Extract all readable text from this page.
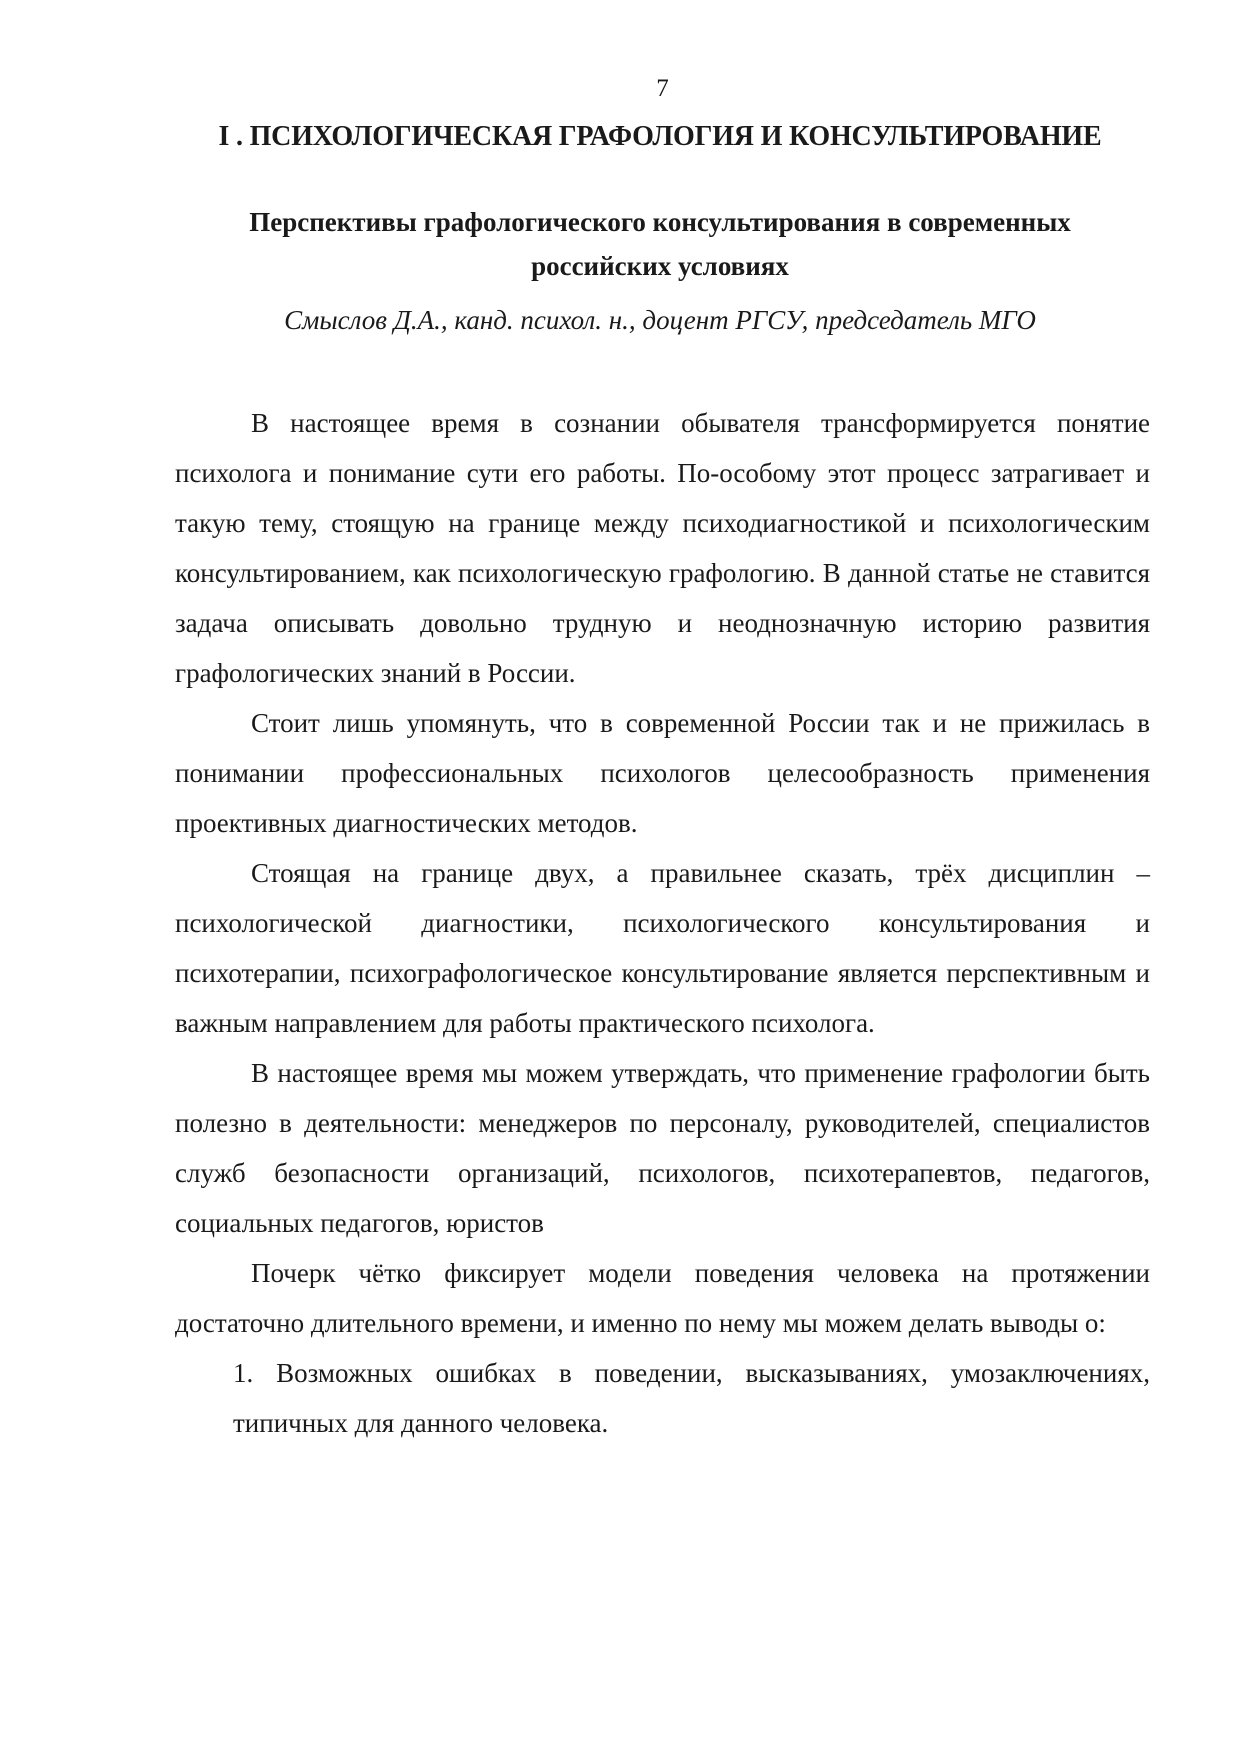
7
I . ПСИХОЛОГИЧЕСКАЯ ГРАФОЛОГИЯ И КОНСУЛЬТИРОВАНИЕ
Перспективы графологического консультирования в современных
российских условиях
Смыслов Д.А., канд. психол. н., доцент РГСУ, председатель МГО

В настоящее время в сознании обывателя трансформируется понятие психолога и понимание сути его работы. По-особому этот процесс затрагивает и такую тему, стоящую на границе между психодиагностикой и психологическим консультированием, как психологическую графологию. В данной статье не ставится задача описывать довольно трудную и неоднозначную историю развития графологических знаний в России.

Стоит лишь упомянуть, что в современной России так и не прижилась в понимании профессиональных психологов целесообразность применения проективных диагностических методов.

Стоящая на границе двух, а правильнее сказать, трёх дисциплин – психологической диагностики, психологического консультирования и психотерапии, психографологическое консультирование является перспективным и важным направлением для работы практического психолога.

В настоящее время мы можем утверждать, что применение графологии быть полезно в деятельности: менеджеров по персоналу, руководителей, специалистов служб безопасности организаций, психологов, психотерапевтов, педагогов, социальных педагогов, юристов

Почерк чётко фиксирует модели поведения человека на протяжении достаточно длительного времени, и именно по нему мы можем делать выводы о:

1. Возможных ошибках в поведении, высказываниях, умозаключениях, типичных для данного человека.
